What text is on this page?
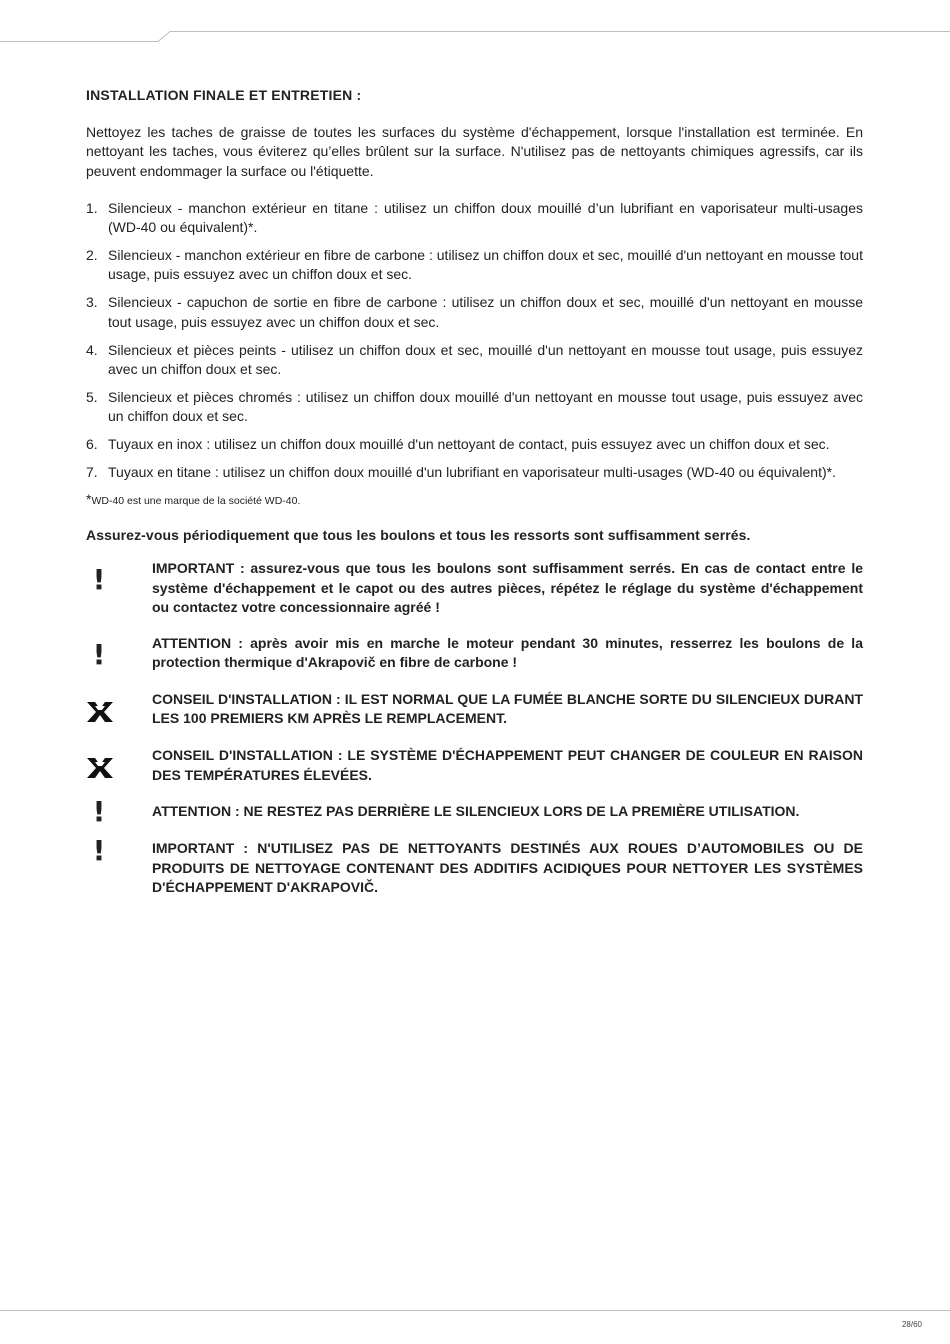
INSTALLATION FINALE ET ENTRETIEN :

Nettoyez les taches de graisse de toutes les surfaces du système d'échappement, lorsque l'installation est terminée. En nettoyant les taches, vous éviterez qu’elles brûlent sur la surface. N'utilisez pas de nettoyants chimiques agressifs, car ils peuvent endommager la surface ou l'étiquette.

1. Silencieux - manchon extérieur en titane : utilisez un chiffon doux mouillé d’un lubrifiant en vaporisateur multi-usages (WD-40 ou équivalent)*.
2. Silencieux - manchon extérieur en fibre de carbone : utilisez un chiffon doux et sec, mouillé d'un nettoyant en mousse tout usage, puis essuyez avec un chiffon doux et sec.
3. Silencieux - capuchon de sortie en fibre de carbone : utilisez un chiffon doux et sec, mouillé d'un nettoyant en mousse tout usage, puis essuyez avec un chiffon doux et sec.
4. Silencieux et pièces peints - utilisez un chiffon doux et sec, mouillé d'un nettoyant en mousse tout usage, puis essuyez avec un chiffon doux et sec.
5. Silencieux et pièces chromés : utilisez un chiffon doux mouillé d'un nettoyant en mousse tout usage, puis essuyez avec un chiffon doux et sec.
6. Tuyaux en inox : utilisez un chiffon doux mouillé d'un nettoyant de contact, puis essuyez avec un chiffon doux et sec.
7. Tuyaux en titane : utilisez un chiffon doux mouillé d'un lubrifiant en vaporisateur multi-usages (WD-40 ou équivalent)*.

*WD-40 est une marque de la société WD-40.

Assurez-vous périodiquement que tous les boulons et tous les ressorts sont suffisamment serrés.

!	IMPORTANT : assurez-vous que tous les boulons sont suffisamment serrés. En cas de contact entre le système d'échappement et le capot ou des autres pièces, répétez le réglage du système d'échappement ou contactez votre concessionnaire agréé !
!	ATTENTION : après avoir mis en marche le moteur pendant 30 minutes, resserrez les boulons de la protection thermique d'Akrapovič en fibre de carbone !
CONSEIL D'INSTALLATION : IL EST NORMAL QUE LA FUMÉE BLANCHE SORTE DU SILENCIEUX DURANT LES 100 PREMIERS KM APRÈS LE REMPLACEMENT.
CONSEIL D'INSTALLATION : LE SYSTÈME D'ÉCHAPPEMENT PEUT CHANGER DE COULEUR EN RAISON DES TEMPÉRATURES ÉLEVÉES.
!	ATTENTION : NE RESTEZ PAS DERRIÈRE LE SILENCIEUX LORS DE LA PREMIÈRE UTILISATION.
!	IMPORTANT : N'UTILISEZ PAS DE NETTOYANTS DESTINÉS AUX ROUES D’AUTOMOBILES OU DE PRODUITS DE NETTOYAGE CONTENANT DES ADDITIFS ACIDIQUES POUR NETTOYER LES SYSTÈMES D'ÉCHAPPEMENT D'AKRAPOVIČ.
28/60
